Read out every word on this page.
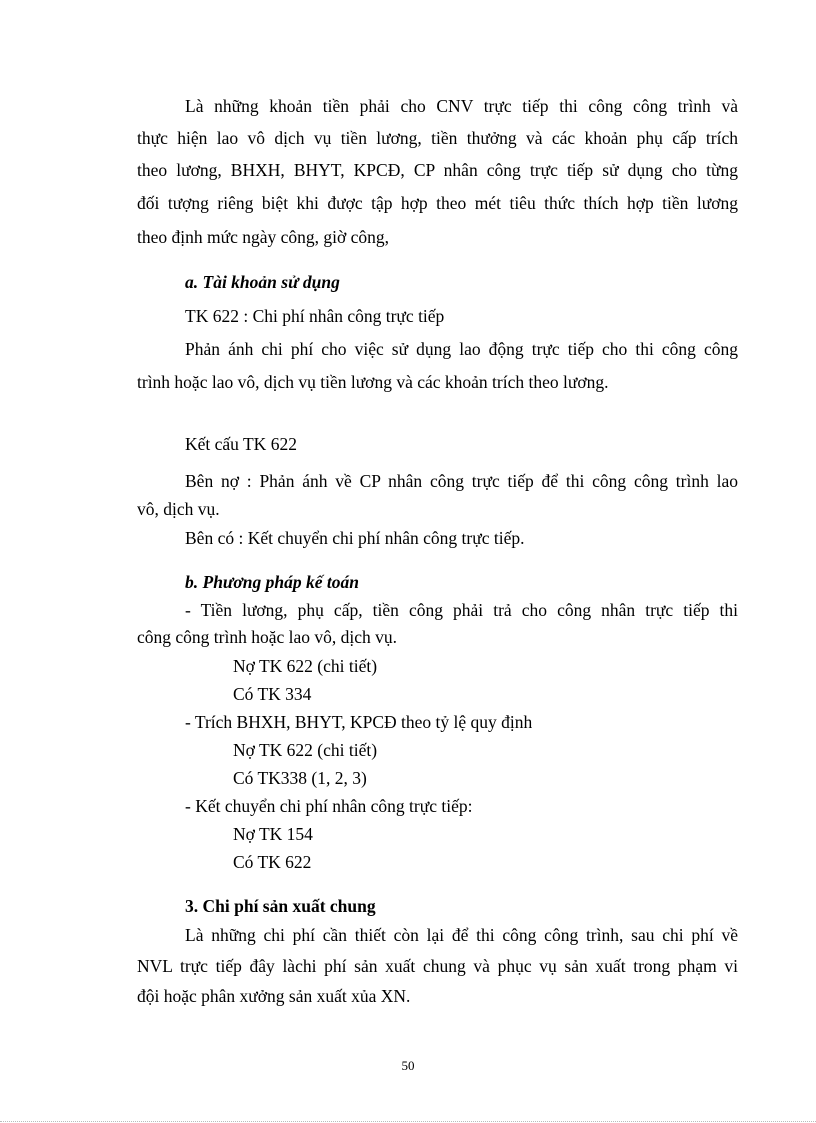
Là những khoản tiền phải cho CNV trực tiếp thi công công trình và
thực hiện lao vô dịch vụ tiền lương, tiền thưởng và các khoản phụ cấp trích
theo lương, BHXH, BHYT, KPCĐ, CP nhân công trực tiếp sử dụng cho từng
đối tượng riêng biệt khi được tập hợp theo mét tiêu thức thích hợp tiền lương
theo định mức ngày công, giờ công,
a. Tài khoản sử dụng
TK 622 : Chi phí nhân công trực tiếp
Phản ánh chi phí cho việc sử dụng lao động trực tiếp cho thi công công
trình hoặc lao vô, dịch vụ tiền lương và các khoản trích theo lương.
Kết cấu TK 622
Bên nợ : Phản ánh về CP nhân công trực tiếp để thi công công trình lao
vô, dịch vụ.
Bên có : Kết chuyển chi phí nhân công trực tiếp.
b. Phương pháp kế toán
- Tiền lương, phụ cấp, tiền công phải trả cho công nhân trực tiếp thi
công công trình hoặc lao vô, dịch vụ.
Nợ TK 622 (chi tiết)
Có TK 334
- Trích BHXH, BHYT, KPCĐ theo tỷ lệ quy định
Nợ TK 622 (chi tiết)
Có TK338 (1, 2, 3)
- Kết chuyển chi phí nhân công trực tiếp:
Nợ TK 154
Có TK 622
3. Chi phí sản xuất chung
Là những chi phí cần thiết còn lại để thi công công trình, sau chi phí về
NVL trực tiếp đây làchi phí sản xuất chung và phục vụ sản xuất trong phạm vi
đội hoặc phân xưởng sản xuất xủa XN.
50
